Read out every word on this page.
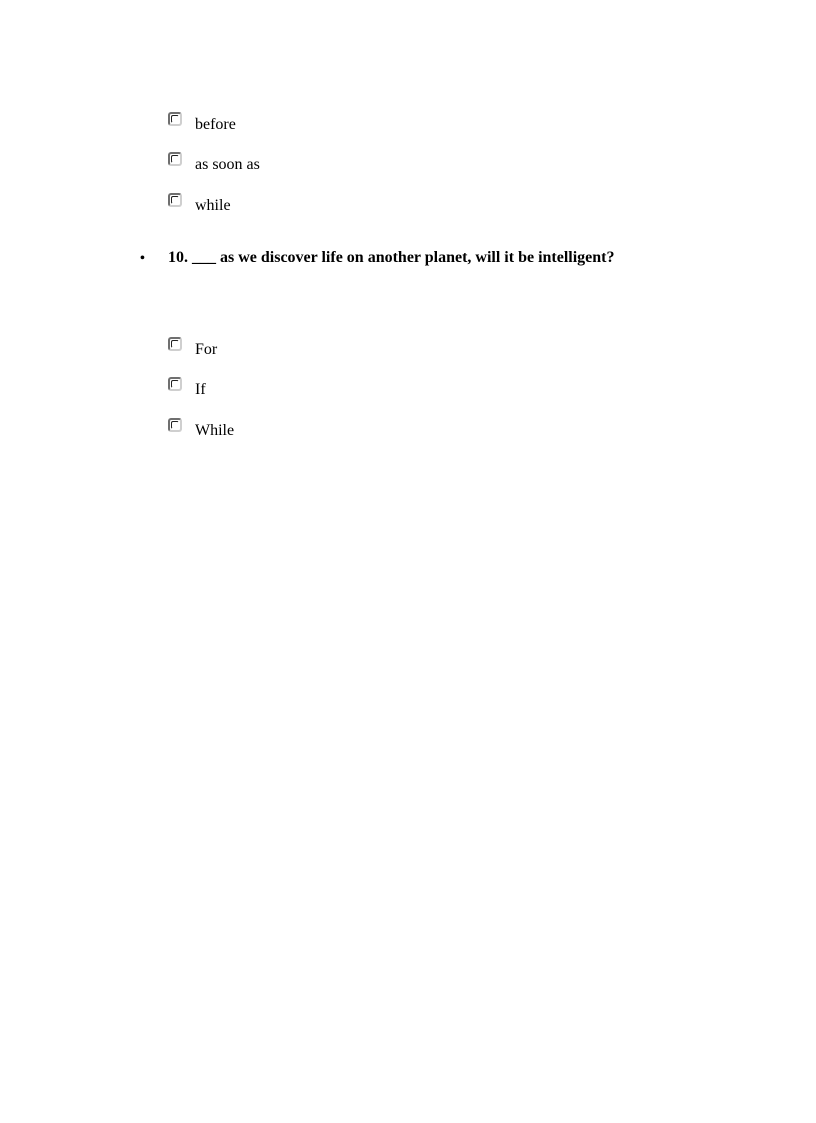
before
as soon as
while
•	10. ___ as we discover life on another planet, will it be intelligent?
For
If
While
